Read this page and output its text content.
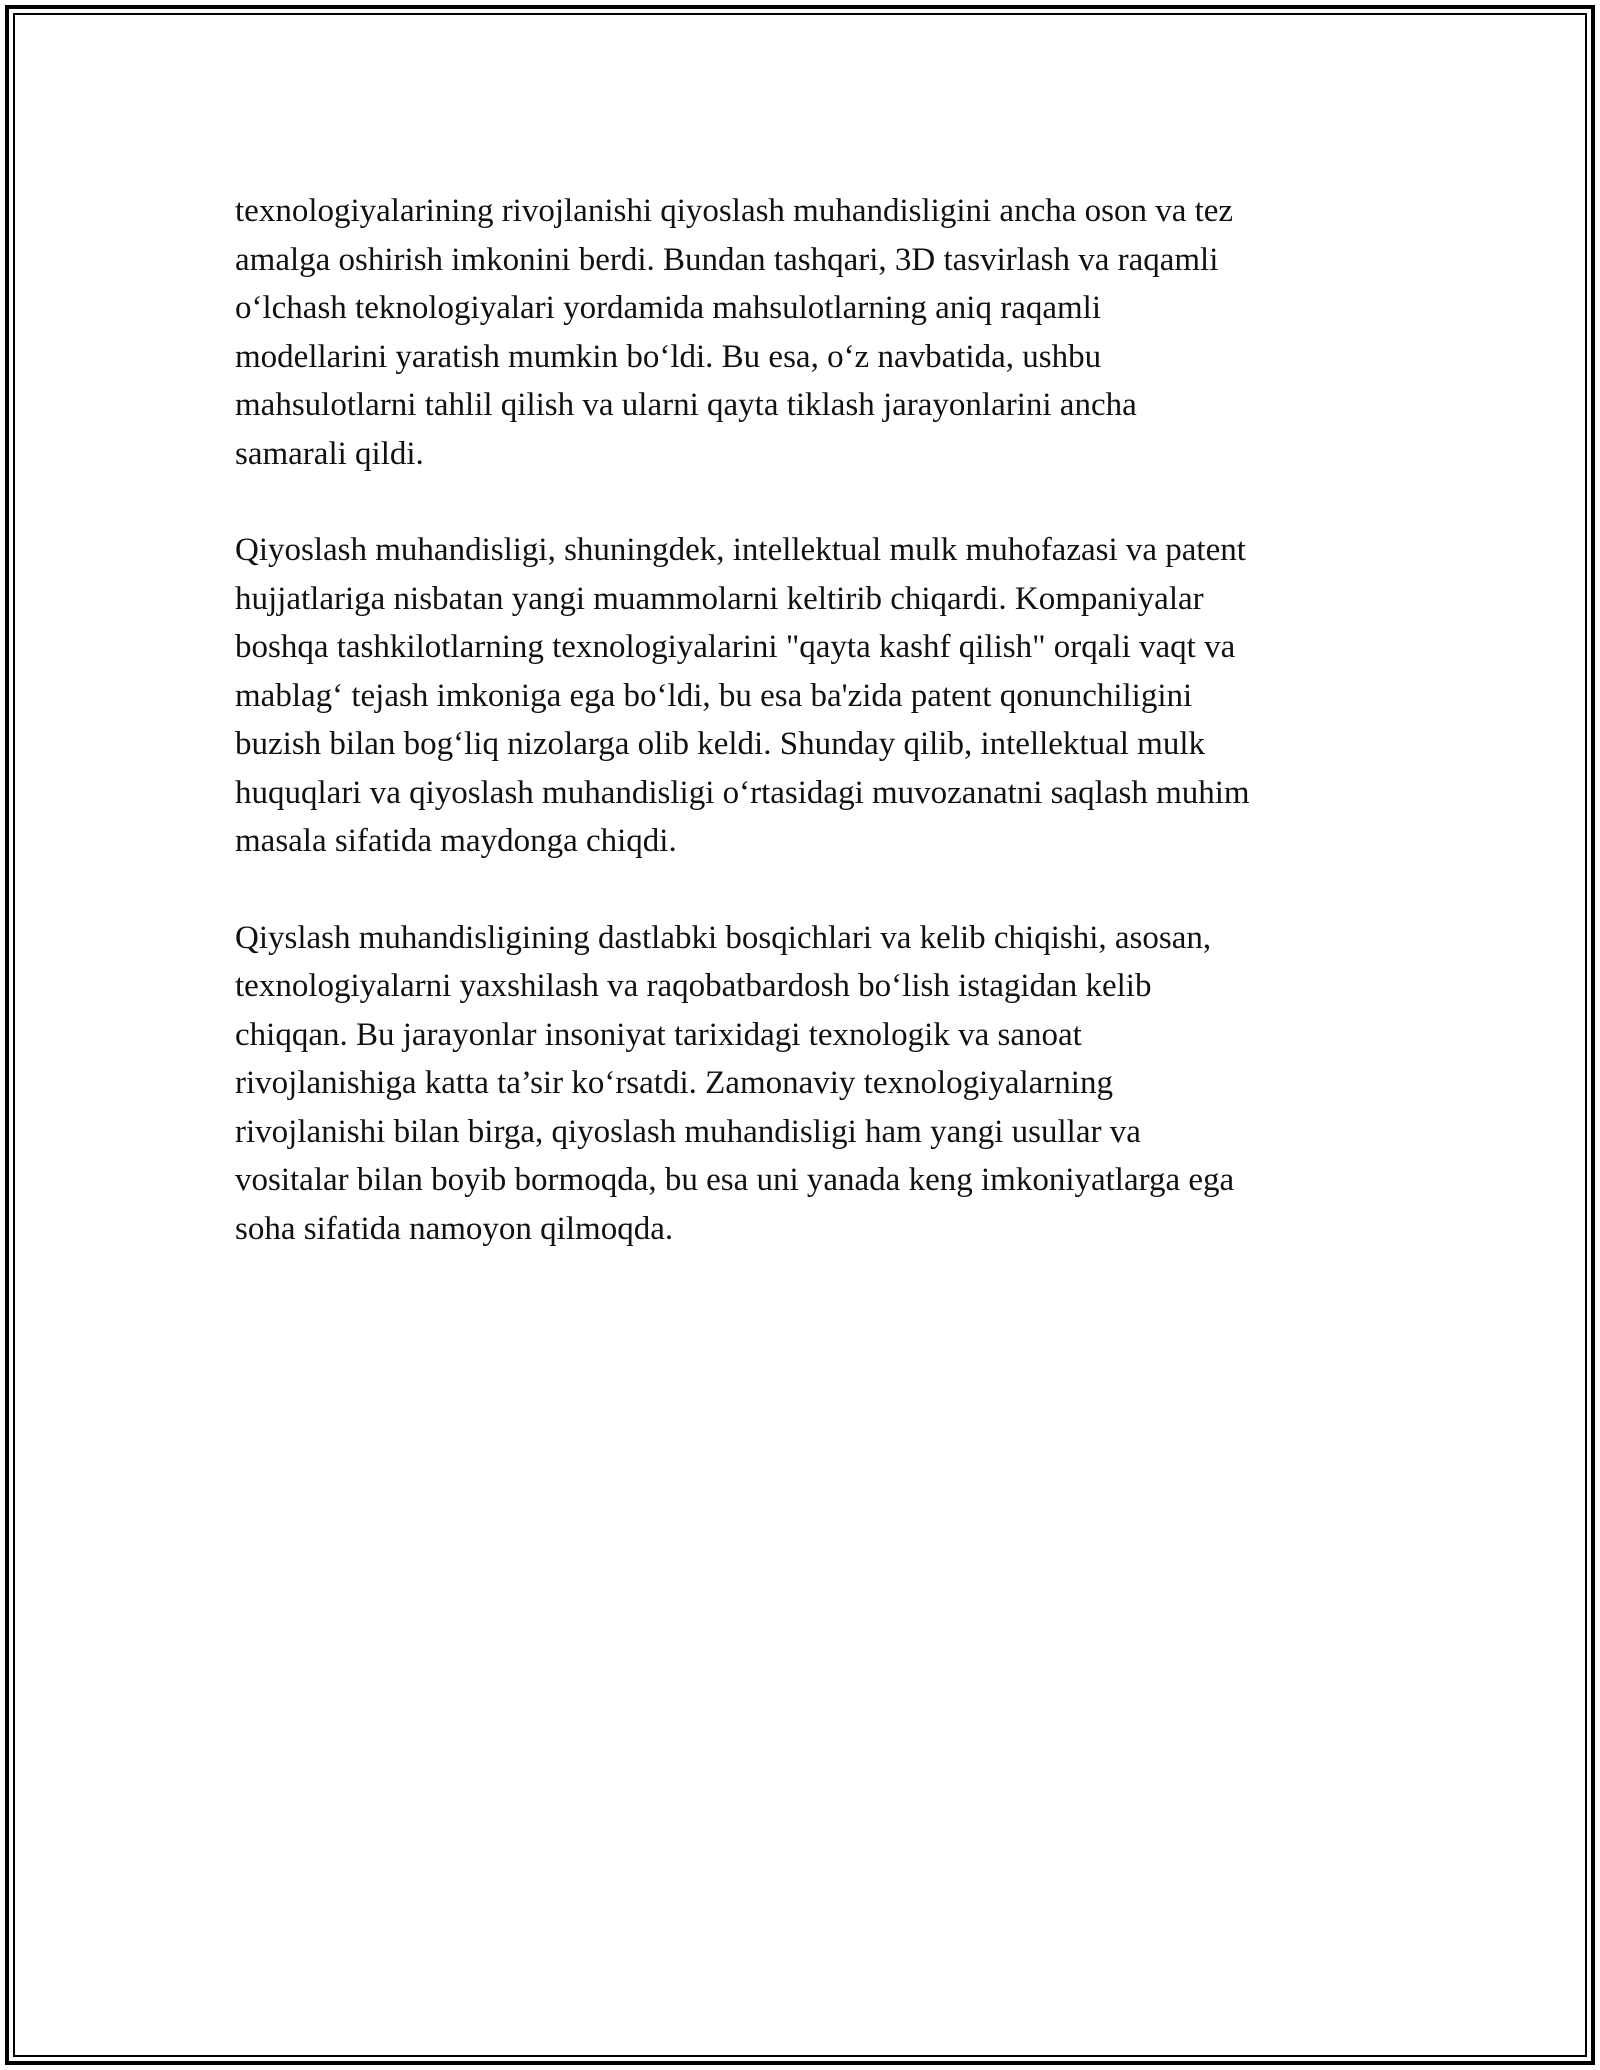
texnologiyalarining rivojlanishi qiyoslash muhandisligini ancha oson va tez
amalga oshirish imkonini berdi. Bundan tashqari, 3D tasvirlash va raqamli
o‘lchash teknologiyalari yordamida mahsulotlarning aniq raqamli
modellarini yaratish mumkin bo‘ldi. Bu esa, o‘z navbatida, ushbu
mahsulotlarni tahlil qilish va ularni qayta tiklash jarayonlarini ancha
samarali qildi.

Qiyoslash muhandisligi, shuningdek, intellektual mulk muhofazasi va patent
hujjatlariga nisbatan yangi muammolarni keltirib chiqardi. Kompaniyalar
boshqa tashkilotlarning texnologiyalarini "qayta kashf qilish" orqali vaqt va
mablag‘ tejash imkoniga ega bo‘ldi, bu esa ba'zida patent qonunchiligini
buzish bilan bog‘liq nizolarga olib keldi. Shunday qilib, intellektual mulk
huquqlari va qiyoslash muhandisligi o‘rtasidagi muvozanatni saqlash muhim
masala sifatida maydonga chiqdi.

Qiyslash muhandisligining dastlabki bosqichlari va kelib chiqishi, asosan,
texnologiyalarni yaxshilash va raqobatbardosh bo‘lish istagidan kelib
chiqqan. Bu jarayonlar insoniyat tarixidagi texnologik va sanoat
rivojlanishiga katta ta’sir ko‘rsatdi. Zamonaviy texnologiyalarning
rivojlanishi bilan birga, qiyoslash muhandisligi ham yangi usullar va
vositalar bilan boyib bormoqda, bu esa uni yanada keng imkoniyatlarga ega
soha sifatida namoyon qilmoqda.
